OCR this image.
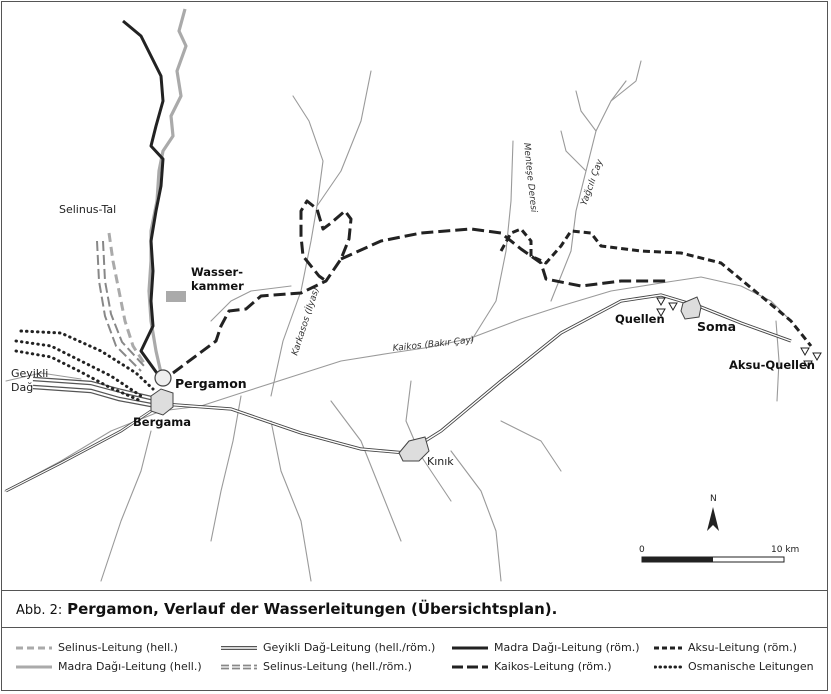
Pergamon
Bergama
Kınık
Soma
Quellen
Aksu-Quellen
Selinus-Tal
Geyikli
Dağ
Wasser-
kammer
Kaikos (Bakır Çay)
Karkasos (İlyas)
Menteşe Deresi	Yağcılı Çay
N
0	10 km
Abb. 2: Pergamon, Verlauf der Wasserleitungen (Übersichtsplan).
Selinus-Leitung (hell.)
Madra Dağı-Leitung (hell.)
Geyikli Dağ-Leitung (hell./röm.)
Selinus-Leitung (hell./röm.)
Madra Dağı-Leitung (röm.)
Kaikos-Leitung (röm.)
Aksu-Leitung (röm.)
Osmanische Leitungen
